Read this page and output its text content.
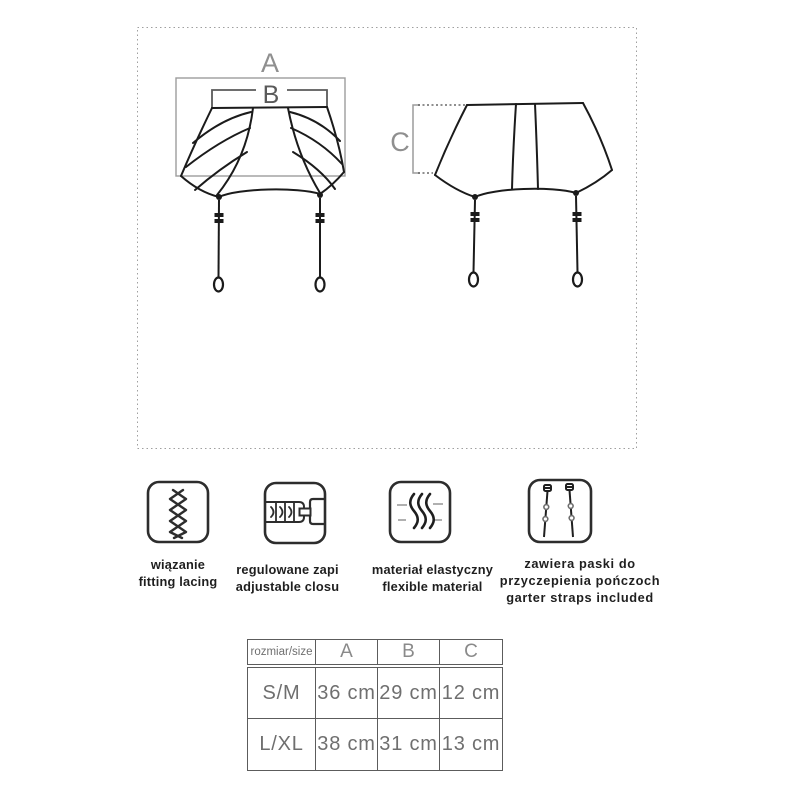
A
B
C
wiązanie
fitting lacing
regulowane zapi
adjustable closu
materiał elastyczny
flexible material
zawiera paski do
przyczepienia pończoch
garter straps included
rozmiar/size	A	B	C
S/M 36 cm 29 cm 12 cm
L/XL 38 cm 31 cm 13 cm
